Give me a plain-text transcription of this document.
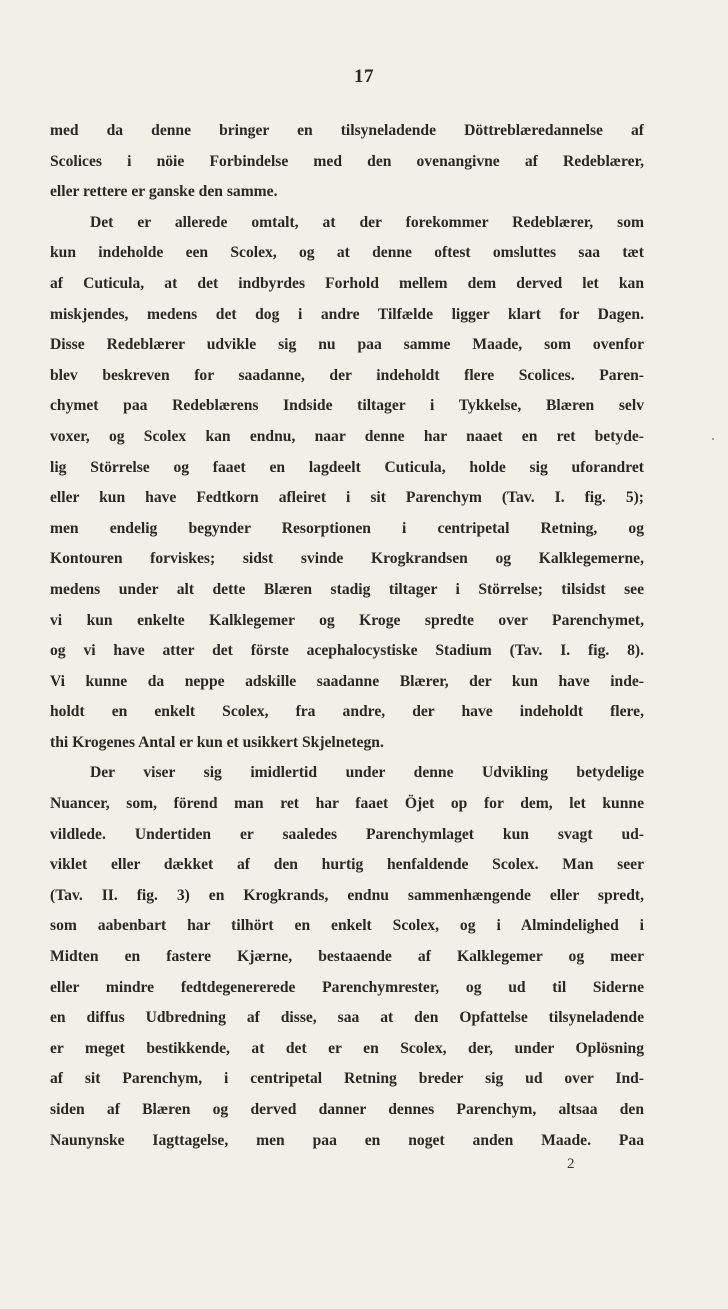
17
med da denne bringer en tilsyneladende Döttreblæredannelse af
Scolices i nöie Forbindelse med den ovenangivne af Redeblærer,
eller rettere er ganske den samme.
Det er allerede omtalt, at der forekommer Redeblærer, som
kun indeholde een Scolex, og at denne oftest omsluttes saa tæt
af Cuticula, at det indbyrdes Forhold mellem dem derved let kan
miskjendes, medens det dog i andre Tilfælde ligger klart for Dagen.
Disse Redeblærer udvikle sig nu paa samme Maade, som ovenfor
blev beskreven for saadanne, der indeholdt flere Scolices. Paren-
chymet paa Redeblærens Indside tiltager i Tykkelse, Blæren selv
voxer, og Scolex kan endnu, naar denne har naaet en ret betyde-
lig Störrelse og faaet en lagdeelt Cuticula, holde sig uforandret
eller kun have Fedtkorn afleiret i sit Parenchym (Tav. I. fig. 5);
men endelig begynder Resorptionen i centripetal Retning, og
Kontouren forviskes; sidst svinde Krogkrandsen og Kalklegemerne,
medens under alt dette Blæren stadig tiltager i Störrelse; tilsidst see
vi kun enkelte Kalklegemer og Kroge spredte over Parenchymet,
og vi have atter det förste acephalocystiske Stadium (Tav. I. fig. 8).
Vi kunne da neppe adskille saadanne Blærer, der kun have inde-
holdt en enkelt Scolex, fra andre, der have indeholdt flere,
thi Krogenes Antal er kun et usikkert Skjelnetegn.
Der viser sig imidlertid under denne Udvikling betydelige
Nuancer, som, förend man ret har faaet Öjet op for dem, let kunne
vildlede. Undertiden er saaledes Parenchymlaget kun svagt ud-
viklet eller dækket af den hurtig henfaldende Scolex. Man seer
(Tav. II. fig. 3) en Krogkrands, endnu sammenhængende eller spredt,
som aabenbart har tilhört en enkelt Scolex, og i Almindelighed i
Midten en fastere Kjærne, bestaaende af Kalklegemer og meer
eller mindre fedtdegenererede Parenchymrester, og ud til Siderne
en diffus Udbredning af disse, saa at den Opfattelse tilsyneladende
er meget bestikkende, at det er en Scolex, der, under Oplösning
af sit Parenchym, i centripetal Retning breder sig ud over Ind-
siden af Blæren og derved danner dennes Parenchym, altsaa den
Naunynske Iagttagelse, men paa en noget anden Maade. Paa
2
